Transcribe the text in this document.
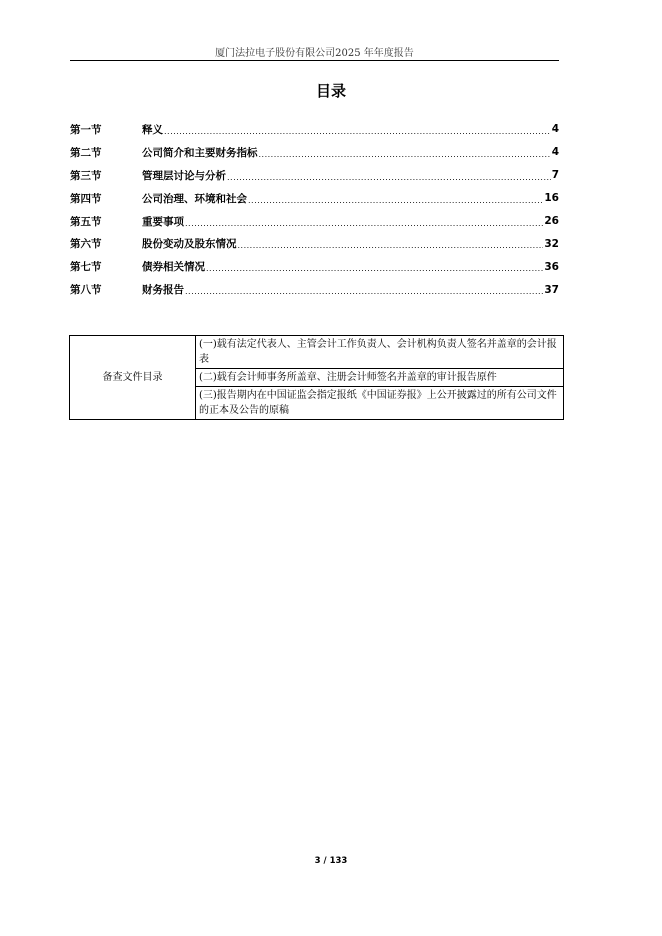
厦门法拉电子股份有限公司2025 年年度报告
目录
第一节	释义 .....	4
第二节	公司简介和主要财务指标 .....	4
第三节	管理层讨论与分析 .....	7
第四节	公司治理、环境和社会 .....	16
第五节	重要事项 .....	26
第六节	股份变动及股东情况 .....	32
第七节	债券相关情况 .....	36
第八节	财务报告 .....	37
备查文件目录	(一)载有法定代表人、主管会计工作负责人、会计机构负责人签名并盖章的会计报表
(二)载有会计师事务所盖章、注册会计师签名并盖章的审计报告原件
(三)报告期内在中国证监会指定报纸《中国证券报》上公开披露过的所有公司文件的正本及公告的原稿
3 / 133
